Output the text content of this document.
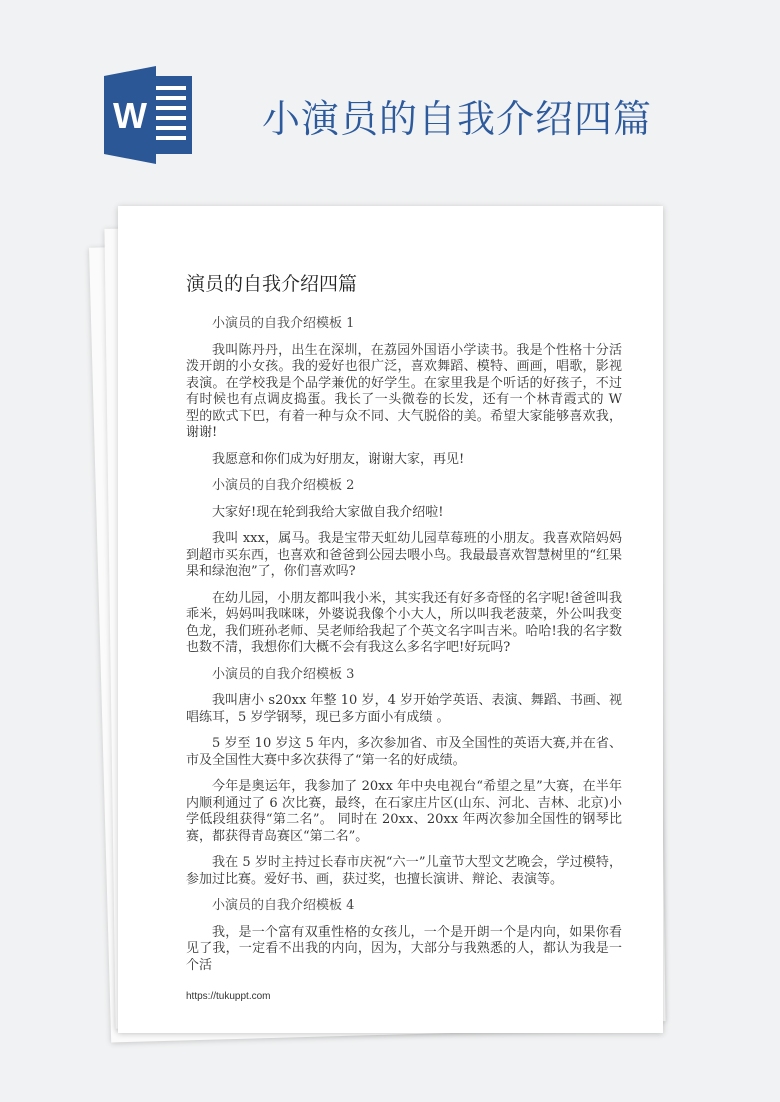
W	小演员的自我介绍四篇
演员的自我介绍四篇

小演员的自我介绍模板 1

我叫陈丹丹，出生在深圳，在荔园外国语小学读书。我是个性格十分活泼开朗的小女孩。我的爱好也很广泛，喜欢舞蹈、模特、画画，唱歌，影视表演。在学校我是个品学兼优的好学生。在家里我是个听话的好孩子，不过有时候也有点调皮捣蛋。我长了一头微卷的长发，还有一个林青霞式的 W 型的欧式下巴，有着一种与众不同、大气脱俗的美。希望大家能够喜欢我，谢谢!

我愿意和你们成为好朋友，谢谢大家，再见!

小演员的自我介绍模板 2

大家好!现在轮到我给大家做自我介绍啦!

我叫 xxx，属马。我是宝带天虹幼儿园草莓班的小朋友。我喜欢陪妈妈到超市买东西，也喜欢和爸爸到公园去喂小鸟。我最最喜欢智慧树里的“红果果和绿泡泡”了，你们喜欢吗?

在幼儿园，小朋友都叫我小米，其实我还有好多奇怪的名字呢!爸爸叫我乖米，妈妈叫我咪咪，外婆说我像个小大人，所以叫我老菠菜，外公叫我变色龙，我们班孙老师、吴老师给我起了个英文名字叫吉米。哈哈!我的名字数也数不清，我想你们大概不会有我这么多名字吧!好玩吗?

小演员的自我介绍模板 3

我叫唐小 s20xx 年整 10 岁，4 岁开始学英语、表演、舞蹈、书画、视唱练耳，5 岁学钢琴，现已多方面小有成绩 。

5 岁至 10 岁这 5 年内，多次参加省、市及全国性的英语大赛,并在省、市及全国性大赛中多次获得了“第一名的好成绩。

今年是奥运年，我参加了 20xx 年中央电视台“希望之星”大赛，在半年内顺利通过了 6 次比赛，最终，在石家庄片区(山东、河北、吉林、北京)小学低段组获得“第二名”。 同时在 20xx、20xx 年两次参加全国性的钢琴比赛，都获得青岛赛区“第二名”。

我在 5 岁时主持过长春市庆祝“六一”儿童节大型文艺晚会，学过模特，参加过比赛。爱好书、画，获过奖，也擅长演讲、辩论、表演等。

小演员的自我介绍模板 4

我，是一个富有双重性格的女孩儿，一个是开朗一个是内向，如果你看见了我，一定看不出我的内向，因为，大部分与我熟悉的人，都认为我是一个活

https://tukuppt.com
